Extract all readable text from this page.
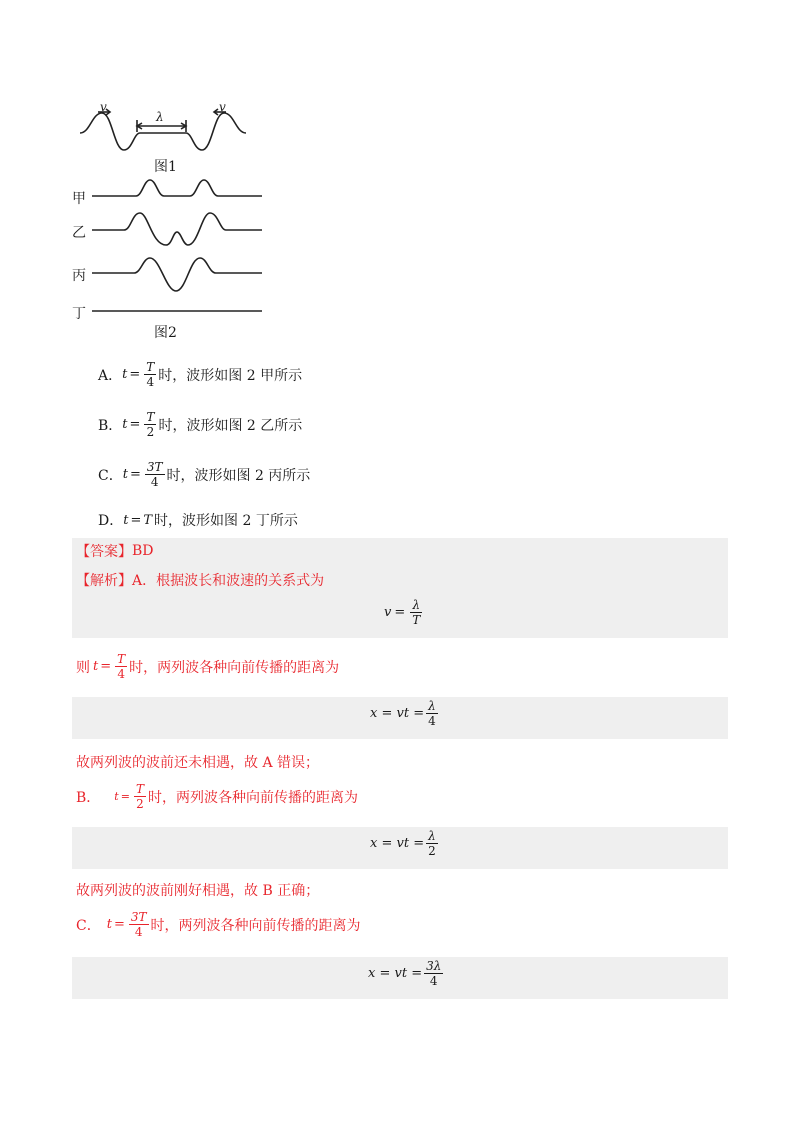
v	v
λ
图1
甲
乙
丙
丁
图2
A． $t = \frac{T}{4}$ 时，波形如图 2 甲所示
B． $t = \frac{T}{2}$ 时，波形如图 2 乙所示
C． $t = \frac{3T}{4}$ 时，波形如图 2 丙所示
D． t = T 时，波形如图 2 丁所示
【答案】 BD
【解析】 A．根据波长和波速的关系式为
$v = \frac{\lambda}{T}$
则 $t = \frac{T}{4}$ 时，两列波各种向前传播的距离为
x = vt = $\frac{\lambda}{4}$
故两列波的波前还未相遇，故 A 错误；
B． $t = \frac{T}{2}$ 时，两列波各种向前传播的距离为
x = vt = $\frac{\lambda}{2}$
故两列波的波前刚好相遇，故 B 正确；
C． $t = \frac{3T}{4}$ 时，两列波各种向前传播的距离为
x = vt = $\frac{3\lambda}{4}$
